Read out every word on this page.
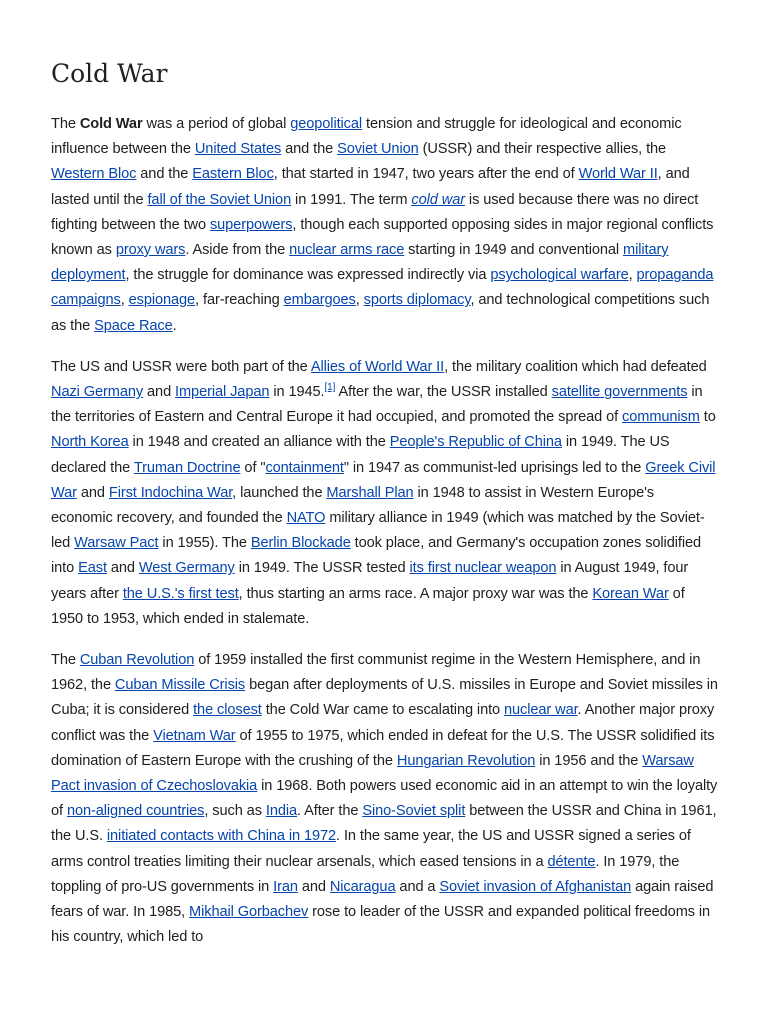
Cold War

The Cold War was a period of global geopolitical tension and struggle for ideological and economic influence between the United States and the Soviet Union (USSR) and their respective allies, the Western Bloc and the Eastern Bloc, that started in 1947, two years after the end of World War II, and lasted until the fall of the Soviet Union in 1991. The term cold war is used because there was no direct fighting between the two superpowers, though each supported opposing sides in major regional conflicts known as proxy wars. Aside from the nuclear arms race starting in 1949 and conventional military deployment, the struggle for dominance was expressed indirectly via psychological warfare, propaganda campaigns, espionage, far-reaching embargoes, sports diplomacy, and technological competitions such as the Space Race.

The US and USSR were both part of the Allies of World War II, the military coalition which had defeated Nazi Germany and Imperial Japan in 1945.[1] After the war, the USSR installed satellite governments in the territories of Eastern and Central Europe it had occupied, and promoted the spread of communism to North Korea in 1948 and created an alliance with the People's Republic of China in 1949. The US declared the Truman Doctrine of "containment" in 1947 as communist-led uprisings led to the Greek Civil War and First Indochina War, launched the Marshall Plan in 1948 to assist in Western Europe's economic recovery, and founded the NATO military alliance in 1949 (which was matched by the Soviet-led Warsaw Pact in 1955). The Berlin Blockade took place, and Germany's occupation zones solidified into East and West Germany in 1949. The USSR tested its first nuclear weapon in August 1949, four years after the U.S.'s first test, thus starting an arms race. A major proxy war was the Korean War of 1950 to 1953, which ended in stalemate.

The Cuban Revolution of 1959 installed the first communist regime in the Western Hemisphere, and in 1962, the Cuban Missile Crisis began after deployments of U.S. missiles in Europe and Soviet missiles in Cuba; it is considered the closest the Cold War came to escalating into nuclear war. Another major proxy conflict was the Vietnam War of 1955 to 1975, which ended in defeat for the U.S. The USSR solidified its domination of Eastern Europe with the crushing of the Hungarian Revolution in 1956 and the Warsaw Pact invasion of Czechoslovakia in 1968. Both powers used economic aid in an attempt to win the loyalty of non-aligned countries, such as India. After the Sino-Soviet split between the USSR and China in 1961, the U.S. initiated contacts with China in 1972. In the same year, the US and USSR signed a series of arms control treaties limiting their nuclear arsenals, which eased tensions in a détente. In 1979, the toppling of pro-US governments in Iran and Nicaragua and a Soviet invasion of Afghanistan again raised fears of war. In 1985, Mikhail Gorbachev rose to leader of the USSR and expanded political freedoms in his country, which led to
